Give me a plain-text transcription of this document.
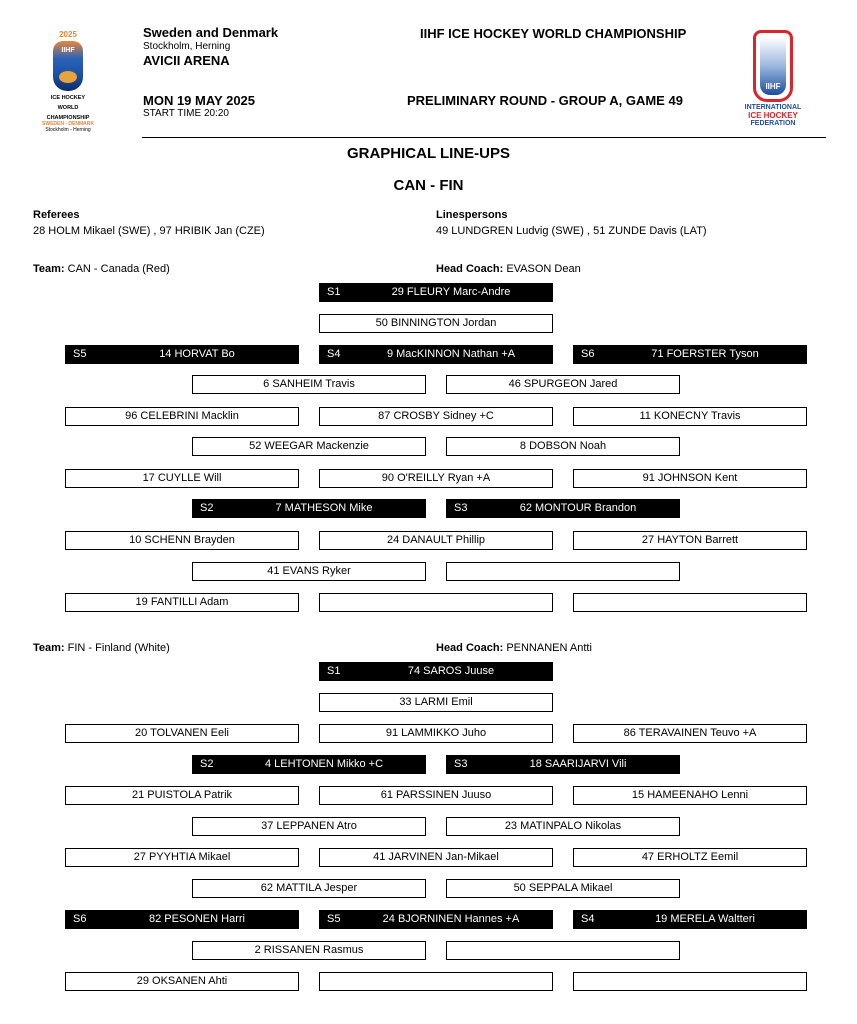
2025
IIHF
ICE HOCKEY
WORLD
CHAMPIONSHIP
SWEDEN - DENMARK
Stockholm - Herning
IIHF
INTERNATIONAL
ICE HOCKEY
FEDERATION
Sweden and Denmark
Stockholm, Herning
AVICII ARENA
MON 19 MAY 2025
START TIME 20:20
IIHF ICE HOCKEY WORLD CHAMPIONSHIP
PRELIMINARY ROUND - GROUP A, GAME 49
GRAPHICAL LINE-UPS
CAN - FIN
Referees
28 HOLM Mikael (SWE) , 97 HRIBIK Jan (CZE)
Linespersons
49 LUNDGREN Ludvig (SWE) , 51 ZUNDE Davis (LAT)
Team: CAN - Canada (Red)	Head Coach: EVASON Dean
S1	29 FLEURY Marc-Andre
50 BINNINGTON Jordan
S5	14 HORVAT Bo	S4	9 MacKINNON Nathan +A	S6	71 FOERSTER Tyson
6 SANHEIM Travis	46 SPURGEON Jared
96 CELEBRINI Macklin	87 CROSBY Sidney +C	11 KONECNY Travis
52 WEEGAR Mackenzie	8 DOBSON Noah
17 CUYLLE Will	90 O'REILLY Ryan +A	91 JOHNSON Kent
S2	7 MATHESON Mike	S3	62 MONTOUR Brandon
10 SCHENN Brayden	24 DANAULT Phillip	27 HAYTON Barrett
41 EVANS Ryker
19 FANTILLI Adam
Team: FIN - Finland (White)	Head Coach: PENNANEN Antti
S1	74 SAROS Juuse
33 LARMI Emil
20 TOLVANEN Eeli	91 LAMMIKKO Juho	86 TERAVAINEN Teuvo +A
S2	4 LEHTONEN Mikko +C	S3	18 SAARIJARVI Vili
21 PUISTOLA Patrik	61 PARSSINEN Juuso	15 HAMEENAHO Lenni
37 LEPPANEN Atro	23 MATINPALO Nikolas
27 PYYHTIA Mikael	41 JARVINEN Jan-Mikael	47 ERHOLTZ Eemil
62 MATTILA Jesper	50 SEPPALA Mikael
S6	82 PESONEN Harri	S5	24 BJORNINEN Hannes +A	S4	19 MERELA Waltteri
2 RISSANEN Rasmus
29 OKSANEN Ahti
